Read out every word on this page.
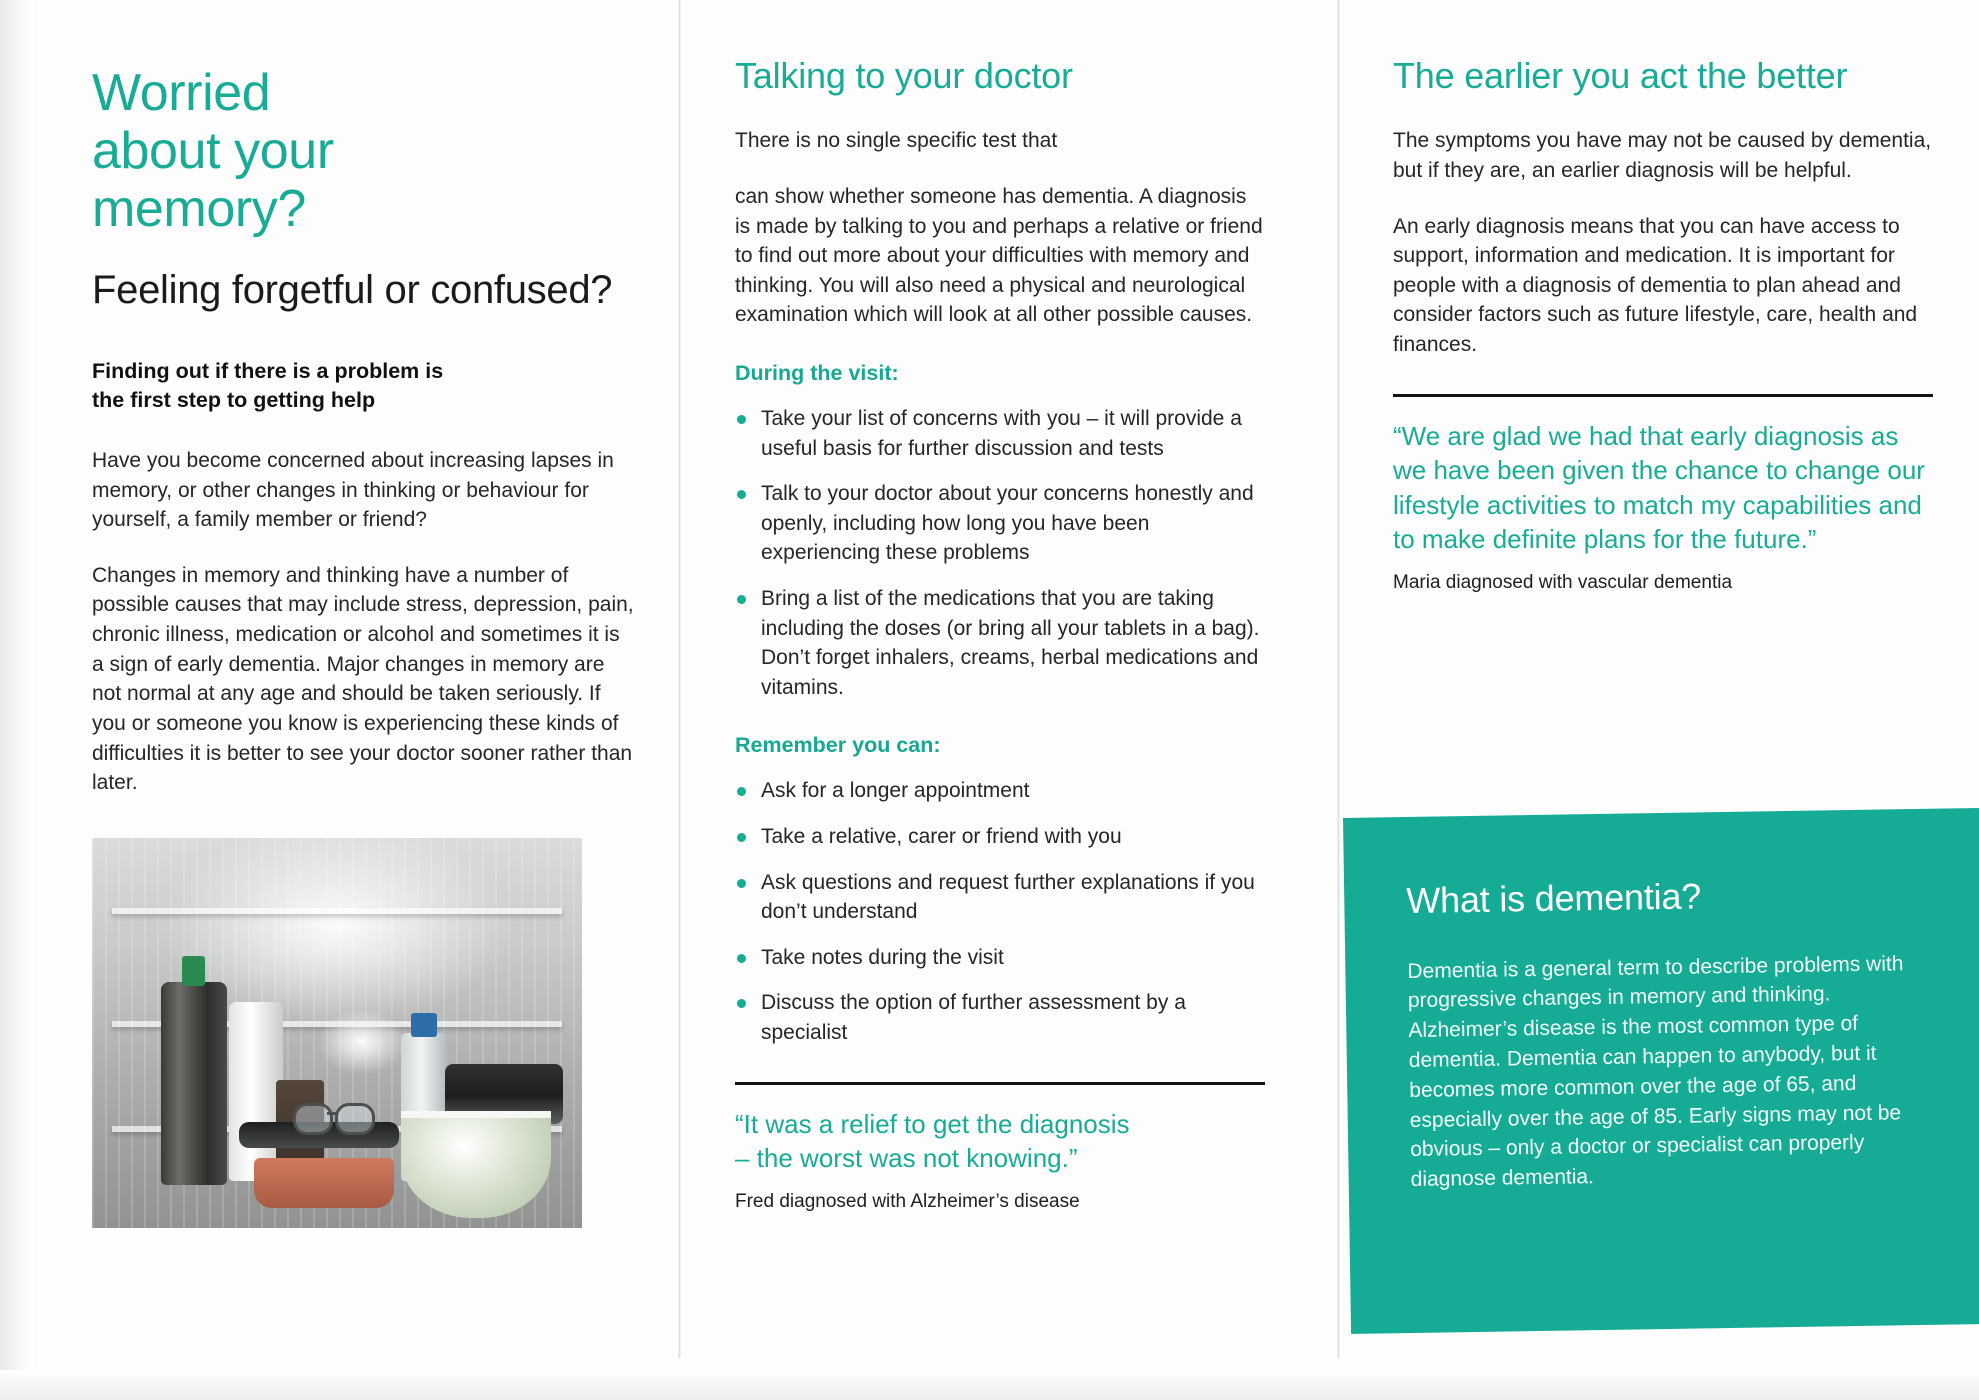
Worried
about your
memory?
Feeling forgetful or confused?

Finding out if there is a problem is
the first step to getting help

Have you become concerned about increasing lapses in memory, or other changes in thinking or behaviour for yourself, a family member or friend?

Changes in memory and thinking have a number of possible causes that may include stress, depression, pain, chronic illness, medication or alcohol and sometimes it is a sign of early dementia. Major changes in memory are not normal at any age and should be taken seriously. If you or someone you know is experiencing these kinds of difficulties it is better to see your doctor sooner rather than later.

Talking to your doctor

There is no single specific test that

can show whether someone has dementia. A diagnosis is made by talking to you and perhaps a relative or friend to find out more about your difficulties with memory and thinking. You will also need a physical and neurological examination which will look at all other possible causes.

During the visit:
Take your list of concerns with you – it will provide a useful basis for further discussion and tests
Talk to your doctor about your concerns honestly and openly, including how long you have been experiencing these problems
Bring a list of the medications that you are taking including the doses (or bring all your tablets in a bag). Don’t forget inhalers, creams, herbal medications and vitamins.
Remember you can:
Ask for a longer appointment
Take a relative, carer or friend with you
Ask questions and request further explanations if you don’t understand
Take notes during the visit
Discuss the option of further assessment by a specialist

“It was a relief to get the diagnosis
– the worst was not knowing.”

Fred diagnosed with Alzheimer’s disease

The earlier you act the better

The symptoms you have may not be caused by dementia, but if they are, an earlier diagnosis will be helpful.

An early diagnosis means that you can have access to support, information and medication. It is important for people with a diagnosis of dementia to plan ahead and consider factors such as future lifestyle, care, health and finances.

“We are glad we had that early diagnosis as we have been given the chance to change our lifestyle activities to match my capabilities and to make definite plans for the future.”

Maria diagnosed with vascular dementia

What is dementia?

Dementia is a general term to describe problems with progressive changes in memory and thinking. Alzheimer’s disease is the most common type of dementia. Dementia can happen to anybody, but it becomes more common over the age of 65, and especially over the age of 85. Early signs may not be obvious – only a doctor or specialist can properly diagnose dementia.
